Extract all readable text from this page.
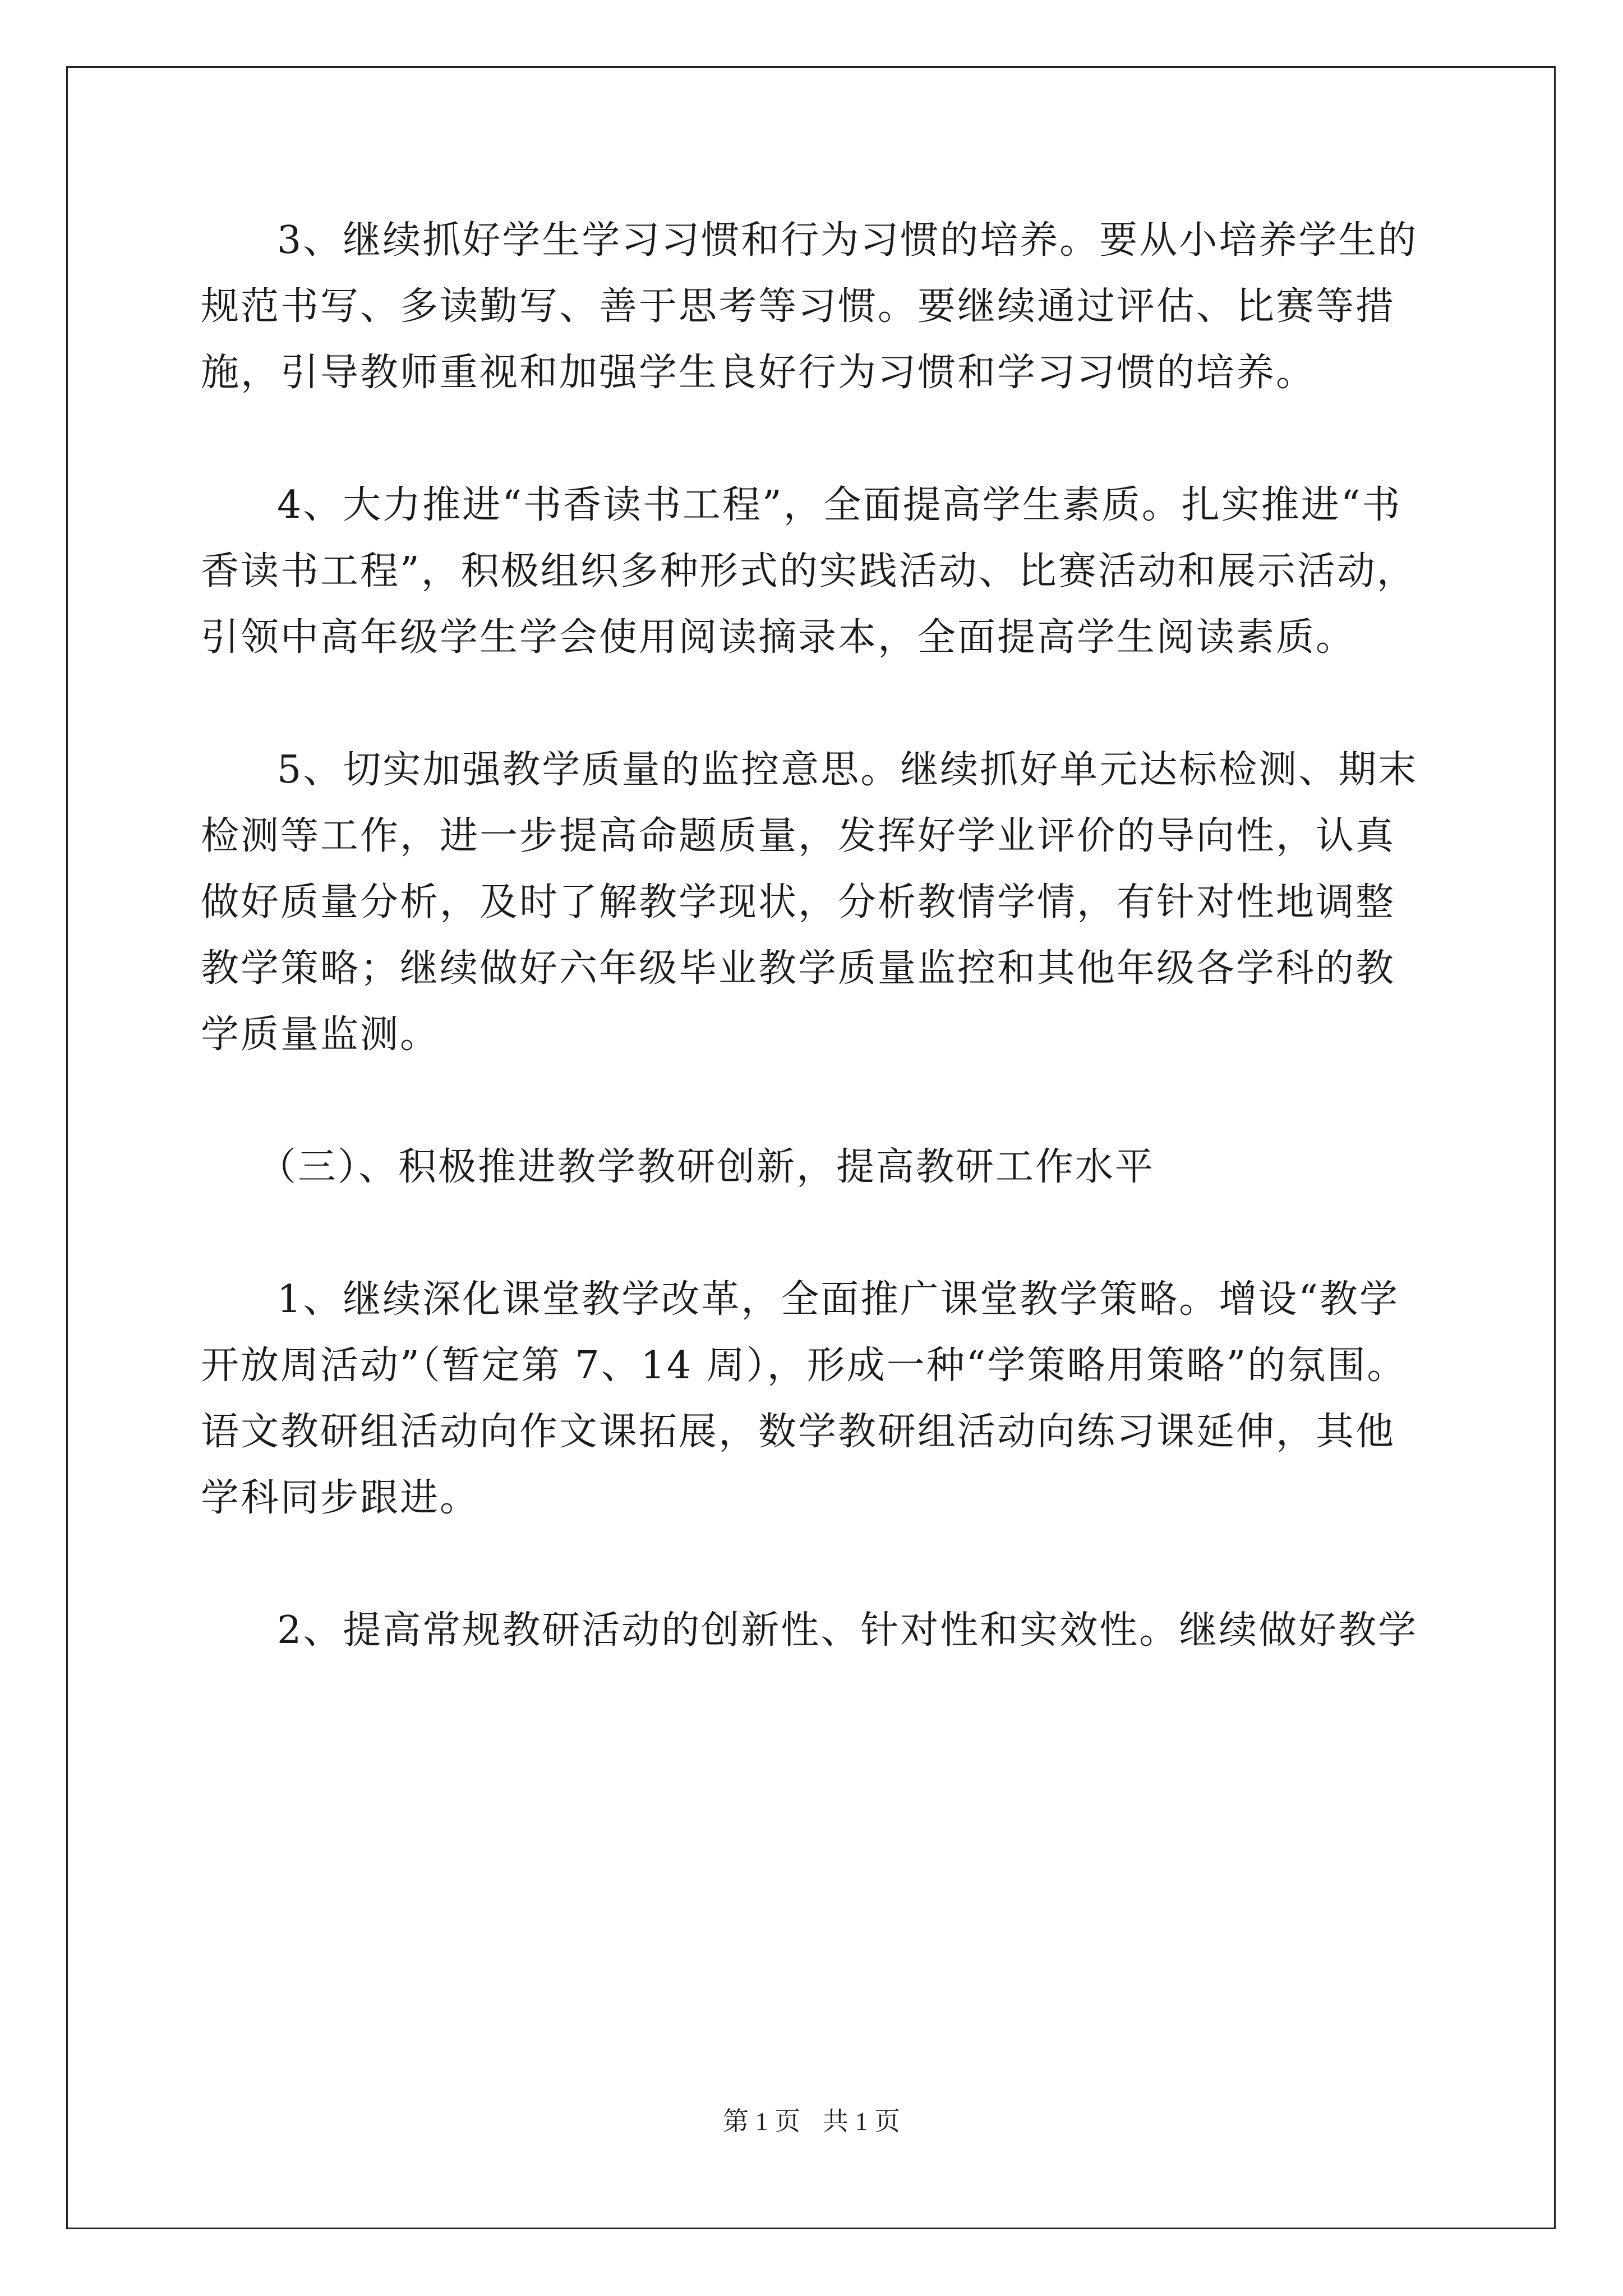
3、继续抓好学生学习习惯和行为习惯的培养。要从小培养学生的
规范书写、多读勤写、善于思考等习惯。要继续通过评估、比赛等措
施，引导教师重视和加强学生良好行为习惯和学习习惯的培养。
4、大力推进“书香读书工程”，全面提高学生素质。扎实推进“书
香读书工程”，积极组织多种形式的实践活动、比赛活动和展示活动，
引领中高年级学生学会使用阅读摘录本，全面提高学生阅读素质。
5、切实加强教学质量的监控意思。继续抓好单元达标检测、期末
检测等工作，进一步提高命题质量，发挥好学业评价的导向性，认真
做好质量分析，及时了解教学现状，分析教情学情，有针对性地调整
教学策略；继续做好六年级毕业教学质量监控和其他年级各学科的教
学质量监测。
（三）、积极推进教学教研创新，提高教研工作水平
1、继续深化课堂教学改革，全面推广课堂教学策略。增设“教学
开放周活动”（暂定第 7、14 周），形成一种“学策略用策略”的氛围。
语文教研组活动向作文课拓展，数学教研组活动向练习课延伸，其他
学科同步跟进。
2、提高常规教研活动的创新性、针对性和实效性。继续做好教学
第 1 页 共 1 页
